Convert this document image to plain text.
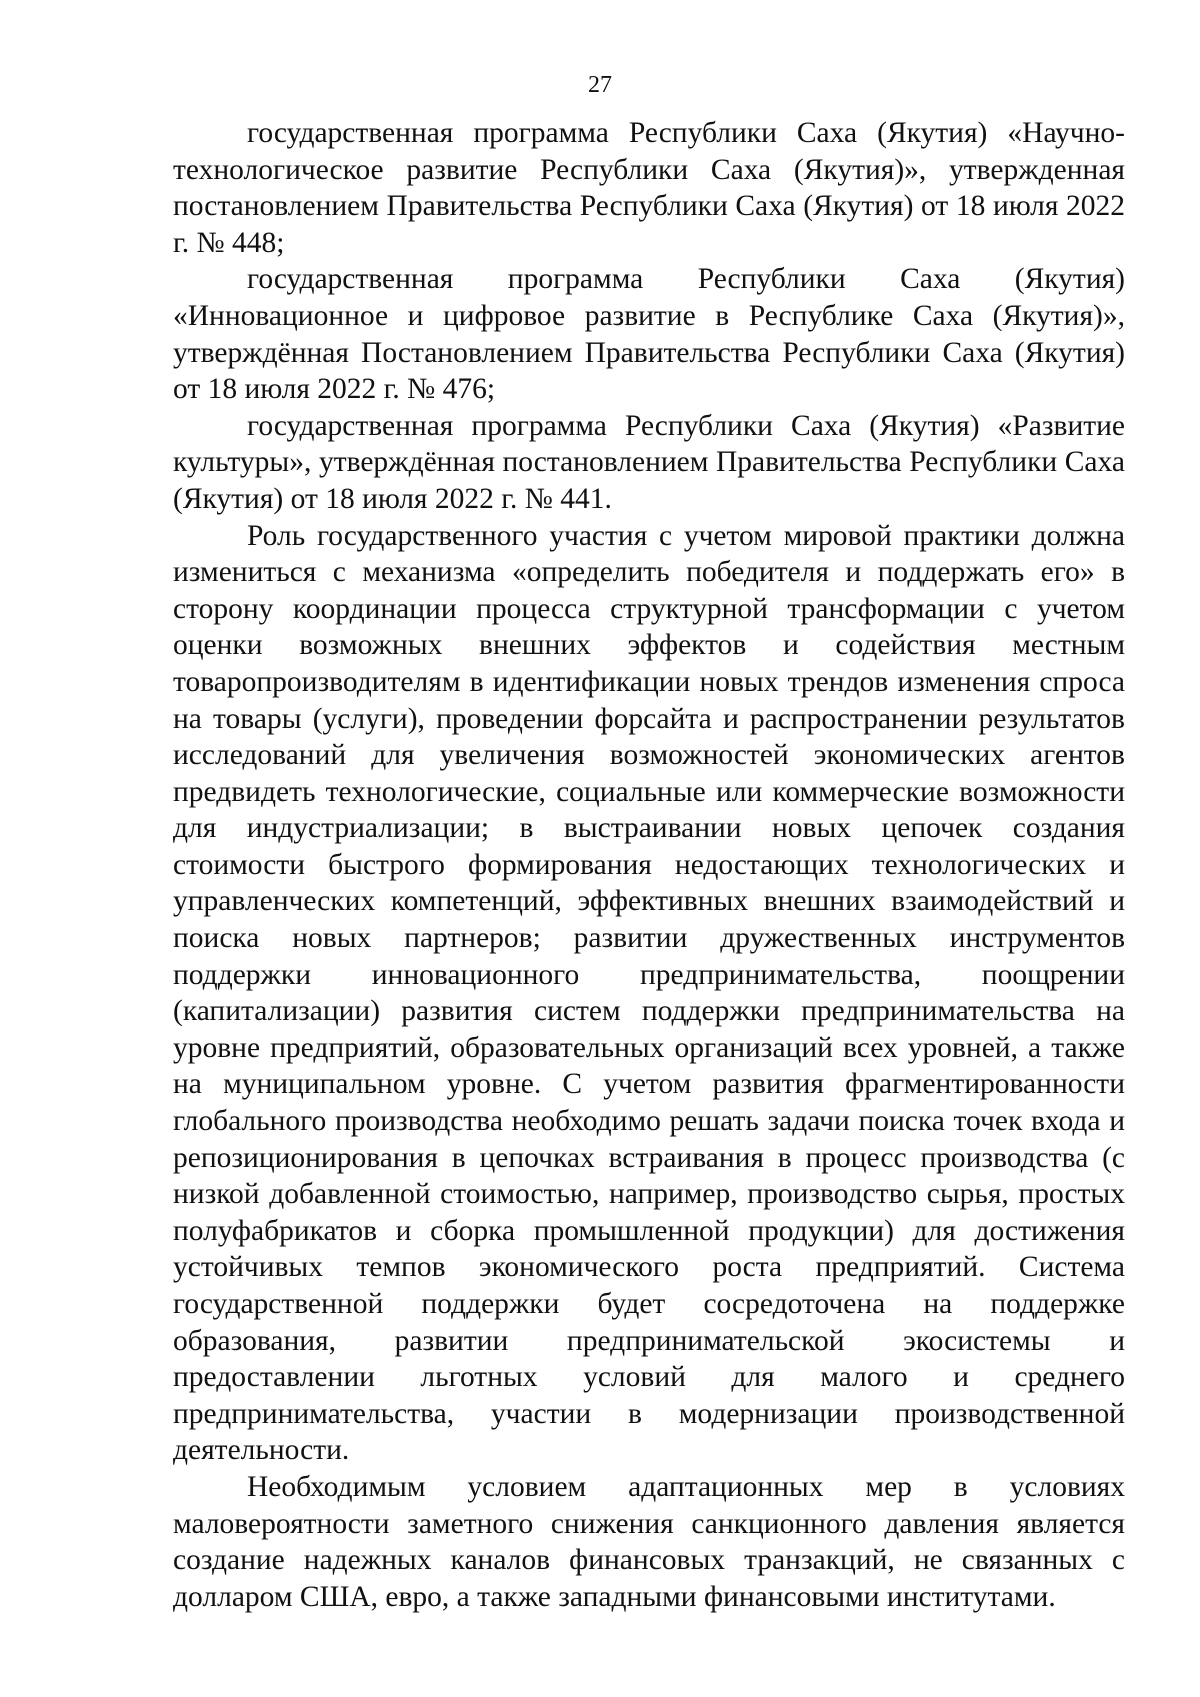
27

государственная программа Республики Саха (Якутия) «Научно-технологическое развитие Республики Саха (Якутия)», утвержденная постановлением Правительства Республики Саха (Якутия) от 18 июля 2022 г. № 448;

государственная программа Республики Саха (Якутия) «Инновационное и цифровое развитие в Республике Саха (Якутия)», утверждённая Постановлением Правительства Республики Саха (Якутия) от 18 июля 2022 г. № 476;

государственная программа Республики Саха (Якутия) «Развитие культуры», утверждённая постановлением Правительства Республики Саха (Якутия) от 18 июля 2022 г. № 441.

Роль государственного участия с учетом мировой практики должна измениться с механизма «определить победителя и поддержать его» в сторону координации процесса структурной трансформации с учетом оценки возможных внешних эффектов и содействия местным товаропроизводителям в идентификации новых трендов изменения спроса на товары (услуги), проведении форсайта и распространении результатов исследований для увеличения возможностей экономических агентов предвидеть технологические, социальные или коммерческие возможности для индустриализации; в выстраивании новых цепочек создания стоимости быстрого формирования недостающих технологических и управленческих компетенций, эффективных внешних взаимодействий и поиска новых партнеров; развитии дружественных инструментов поддержки инновационного предпринимательства, поощрении (капитализации) развития систем поддержки предпринимательства на уровне предприятий, образовательных организаций всех уровней, а также на муниципальном уровне. С учетом развития фрагментированности глобального производства необходимо решать задачи поиска точек входа и репозиционирования в цепочках встраивания в процесс производства (с низкой добавленной стоимостью, например, производство сырья, простых полуфабрикатов и сборка промышленной продукции) для достижения устойчивых темпов экономического роста предприятий. Система государственной поддержки будет сосредоточена на поддержке образования, развитии предпринимательской экосистемы и предоставлении льготных условий для малого и среднего предпринимательства, участии в модернизации производственной деятельности.

Необходимым условием адаптационных мер в условиях маловероятности заметного снижения санкционного давления является создание надежных каналов финансовых транзакций, не связанных с долларом США, евро, а также западными финансовыми институтами.
